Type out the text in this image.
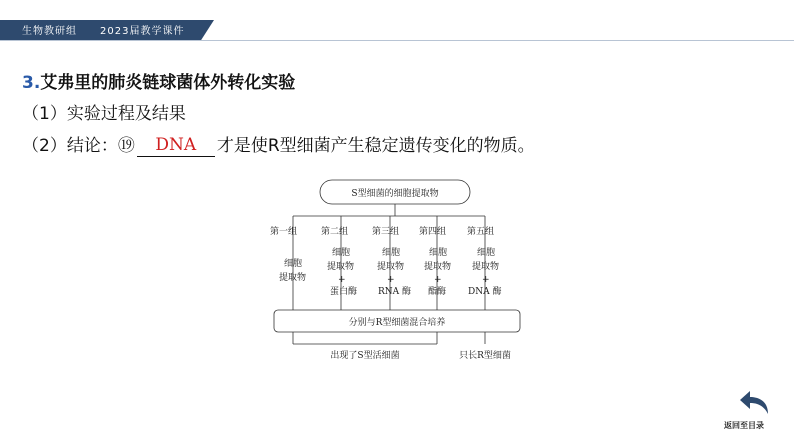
生物教研组 2023届教学课件
3.艾弗里的肺炎链球菌体外转化实验
（1）实验过程及结果
（2）结论：⑲ DNA 才是使R型细菌产生稳定遗传变化的物质。
S型细菌的细胞提取物
第一组
细胞
提取物
第二组
细胞
提取物
+
蛋白酶
第三组
细胞
提取物
+
RNA 酶
第四组
细胞
提取物
+
酯酶
第五组
细胞
提取物
+
DNA 酶
分别与R型细菌混合培养
出现了S型活细菌	只长R型细菌
返回至目录
